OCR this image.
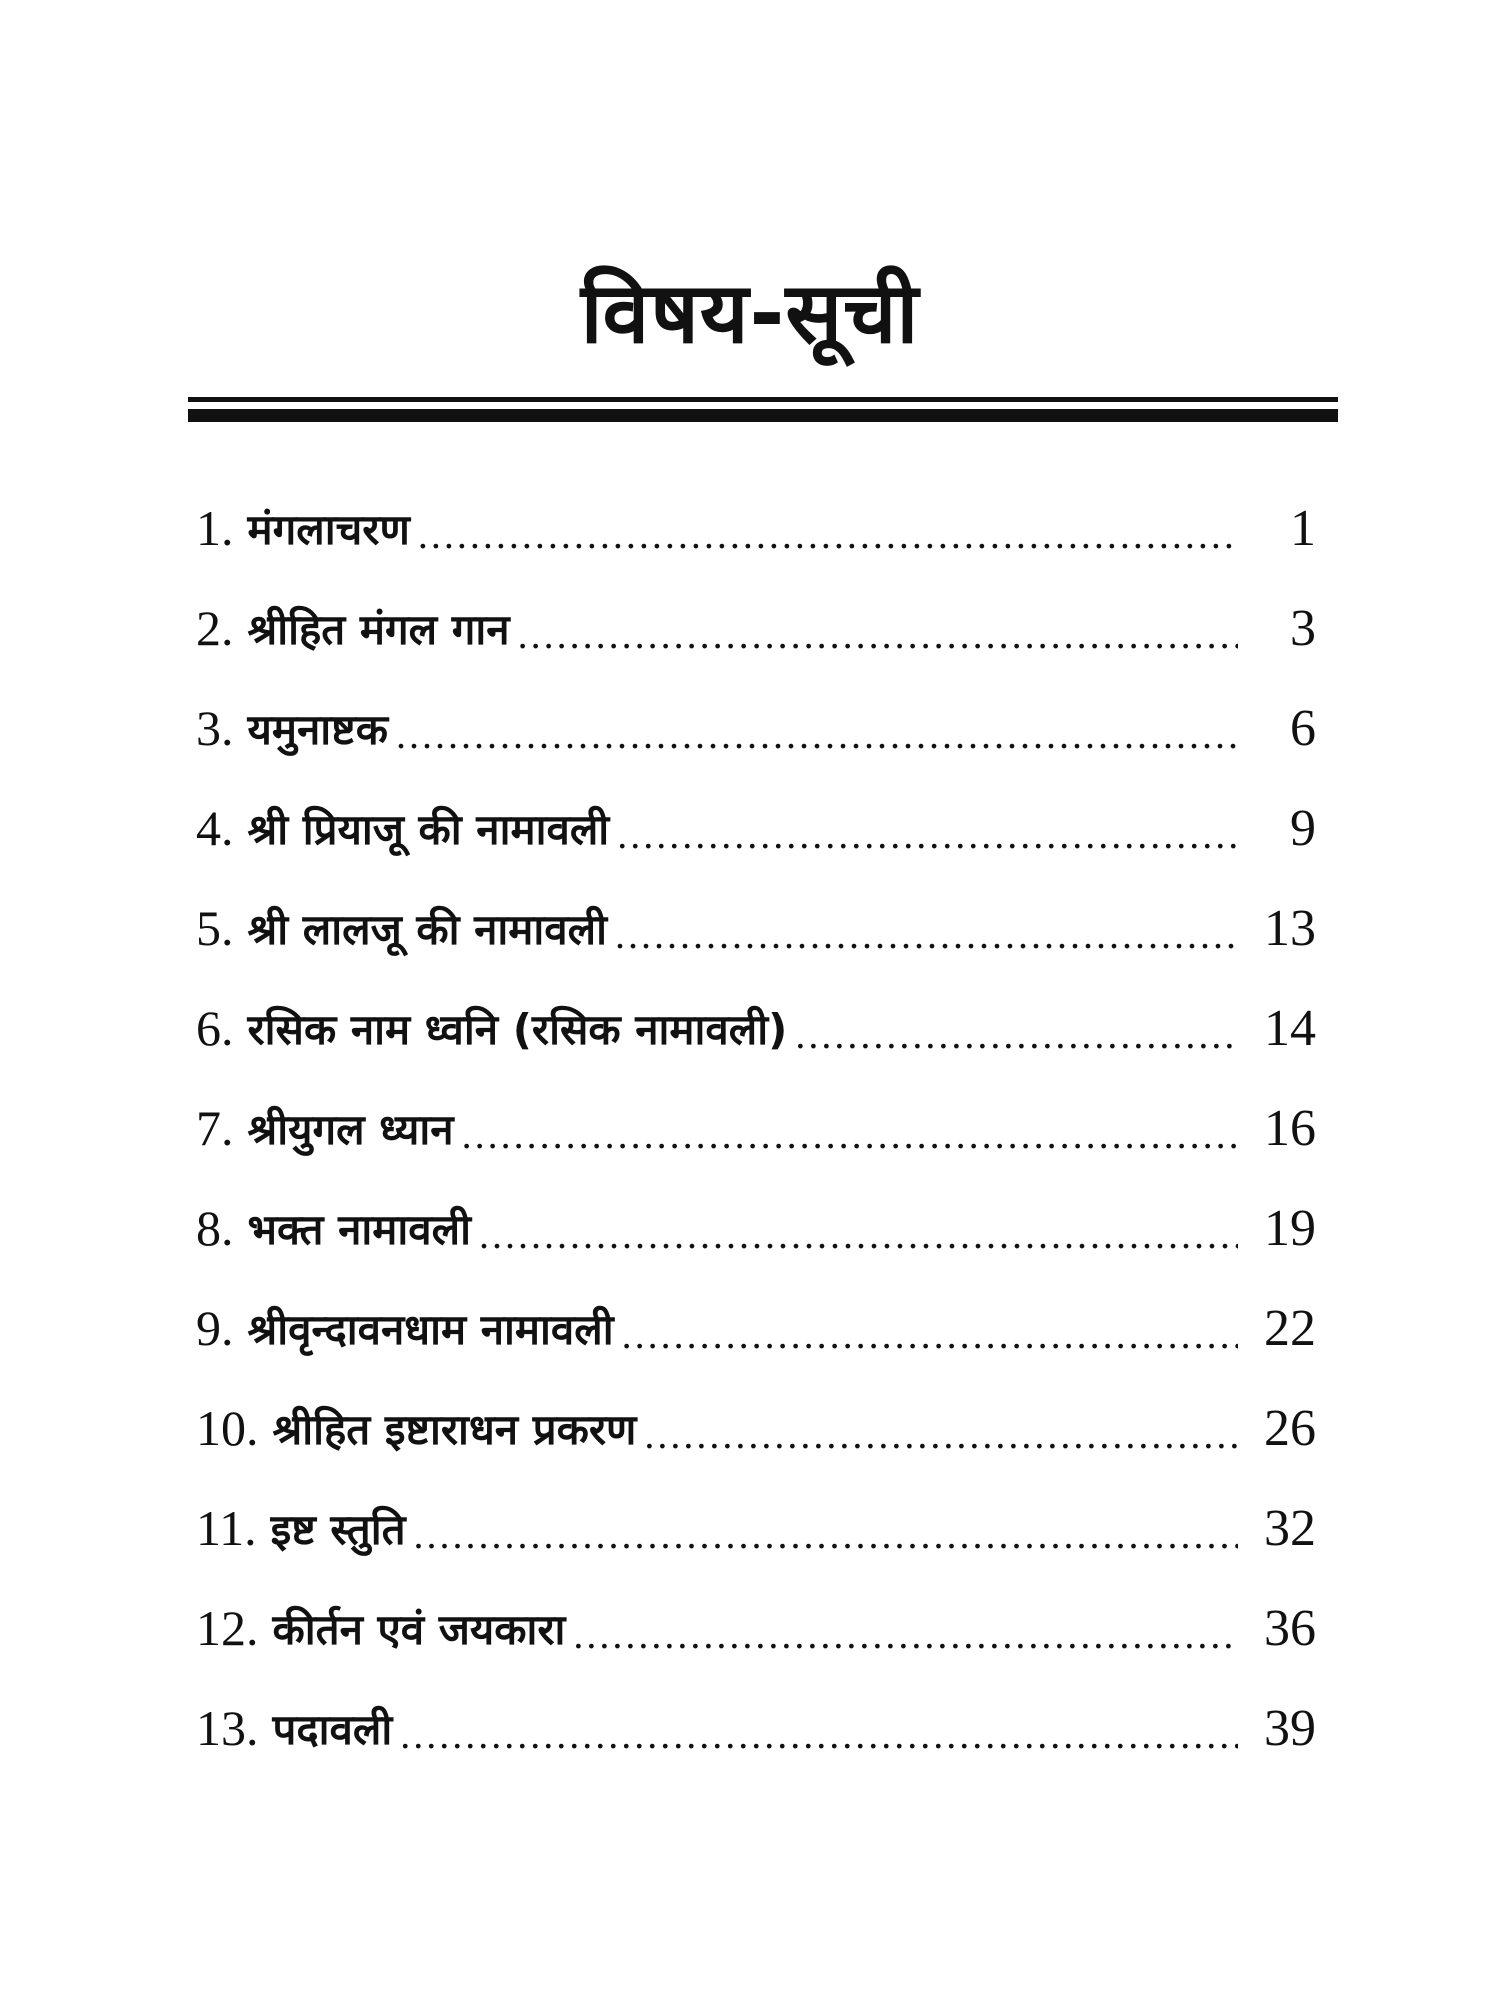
विषय-सूची
1. मंगलाचरण .....	1
2. श्रीहित मंगल गान .....	3
3. यमुनाष्टक .....	6
4. श्री प्रियाजू की नामावली .....	9
5. श्री लालजू की नामावली .....	13
6. रसिक नाम ध्वनि (रसिक नामावली) .....	14
7. श्रीयुगल ध्यान .....	16
8. भक्त नामावली .....	19
9. श्रीवृन्दावनधाम नामावली .....	22
10. श्रीहित इष्टाराधन प्रकरण .....	26
11. इष्ट स्तुति .....	32
12. कीर्तन एवं जयकारा .....	36
13. पदावली .....	39
